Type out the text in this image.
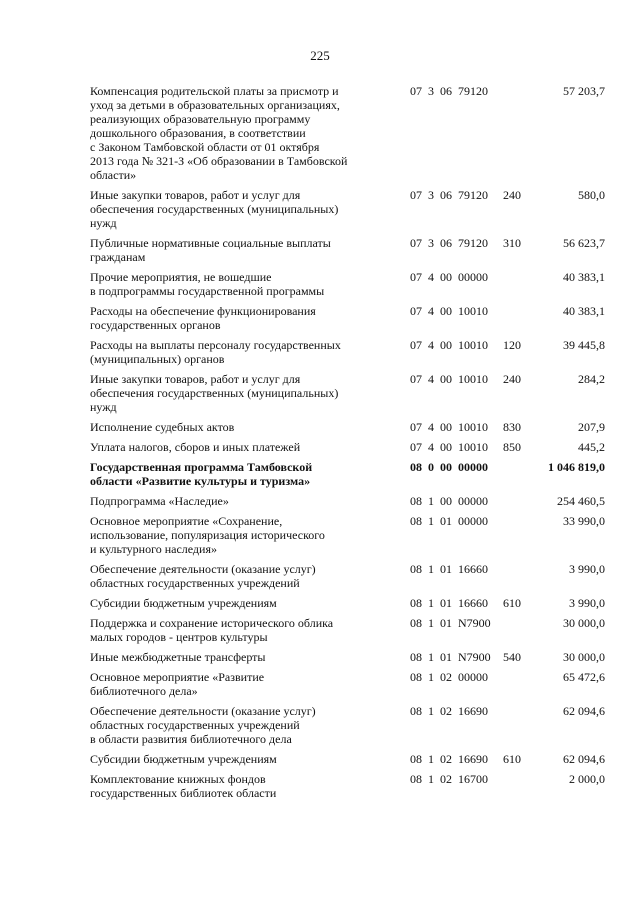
225
Компенсация родительской платы за присмотр и
уход за детьми в образовательных организациях,
реализующих образовательную программу
дошкольного образования, в соответствии
с Законом Тамбовской области от 01 октября
2013 года № 321-З «Об образовании в Тамбовской
области»
07  3  06  79120	57 203,7
Иные закупки товаров, работ и услуг для
обеспечения государственных (муниципальных)
нужд
07  3  06  79120 240	580,0
Публичные нормативные социальные выплаты
гражданам
07  3  06  79120 310	56 623,7
Прочие мероприятия, не вошедшие
в подпрограммы государственной программы
07  4  00  00000	40 383,1
Расходы на обеспечение функционирования
государственных органов
07  4  00  10010	40 383,1
Расходы на выплаты персоналу государственных
(муниципальных) органов
07  4  00  10010 120	39 445,8
Иные закупки товаров, работ и услуг для
обеспечения государственных (муниципальных)
нужд
07  4  00  10010 240	284,2
Исполнение судебных актов	07  4  00  10010 830	207,9
Уплата налогов, сборов и иных платежей	07  4  00  10010 850	445,2
Государственная программа Тамбовской
области «Развитие культуры и туризма»
08  0  00  00000	1 046 819,0
Подпрограмма «Наследие»	08  1  00  00000	254 460,5
Основное мероприятие «Сохранение,
использование, популяризация исторического
и культурного наследия»
08  1  01  00000	33 990,0
Обеспечение деятельности (оказание услуг)
областных государственных учреждений
08  1  01  16660	3 990,0
Субсидии бюджетным учреждениям	08  1  01  16660 610	3 990,0
Поддержка и сохранение исторического облика
малых городов - центров культуры
08  1  01  N7900	30 000,0
Иные межбюджетные трансферты	08  1  01  N7900 540	30 000,0
Основное мероприятие «Развитие
библиотечного дела»
08  1  02  00000	65 472,6
Обеспечение деятельности (оказание услуг)
областных государственных учреждений
в области развития библиотечного дела
08  1  02  16690	62 094,6
Субсидии бюджетным учреждениям	08  1  02  16690 610	62 094,6
Комплектование книжных фондов
государственных библиотек области
08  1  02  16700	2 000,0
